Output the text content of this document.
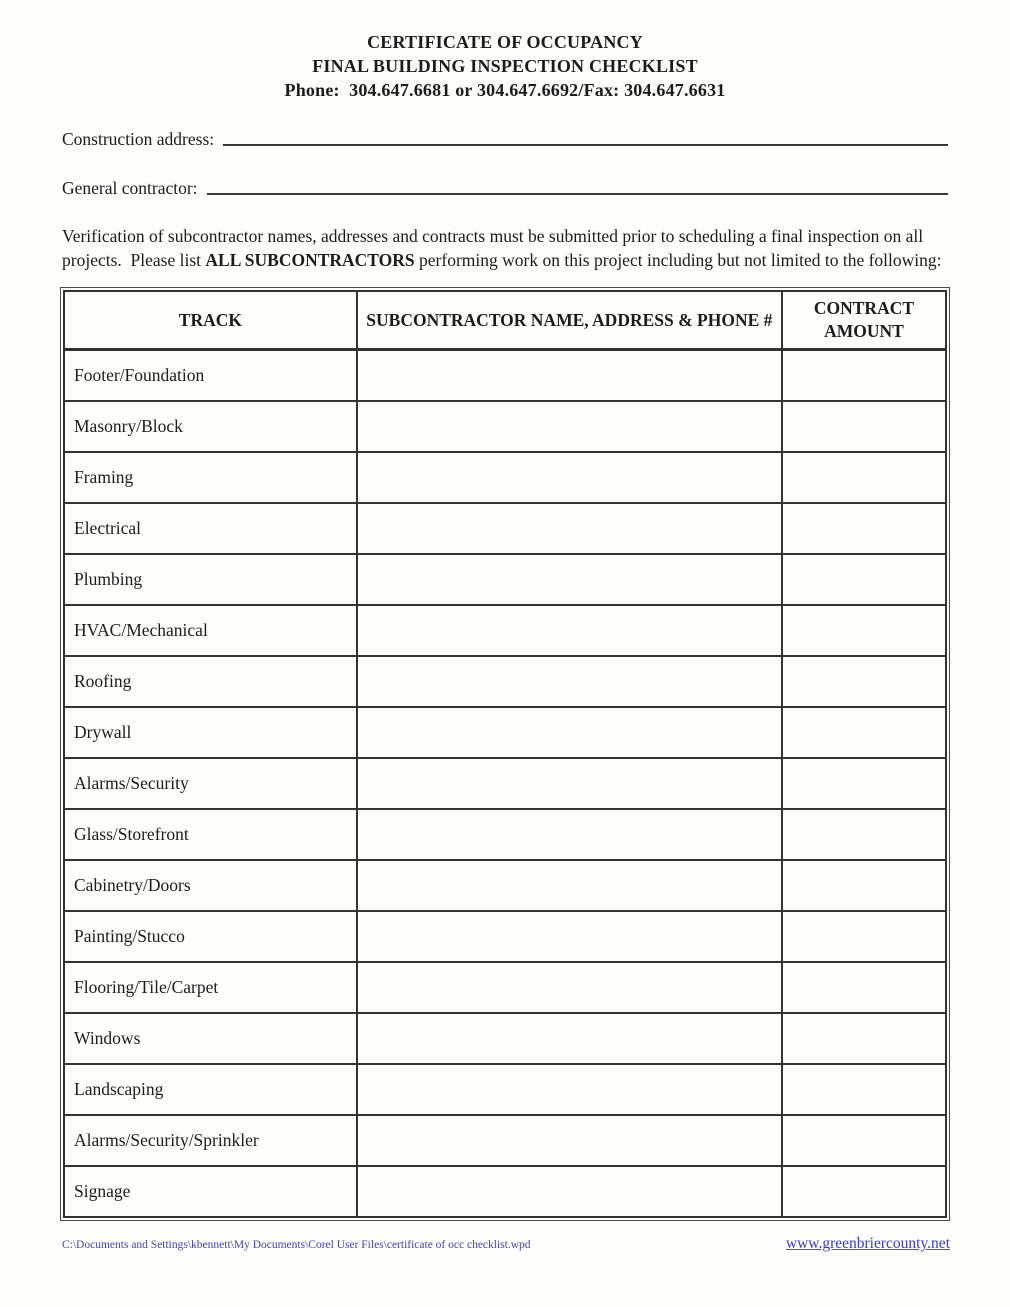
CERTIFICATE OF OCCUPANCY
FINAL BUILDING INSPECTION CHECKLIST
Phone:  304.647.6681 or 304.647.6692/Fax: 304.647.6631
Construction address:
General contractor:

Verification of subcontractor names, addresses and contracts must be submitted prior to scheduling a final inspection on all projects.  Please list ALL SUBCONTRACTORS performing work on this project including but not limited to the following:

TRACK	SUBCONTRACTOR NAME, ADDRESS & PHONE #	CONTRACT AMOUNT
Footer/Foundation		
Masonry/Block		
Framing		
Electrical		
Plumbing		
HVAC/Mechanical		
Roofing		
Drywall		
Alarms/Security		
Glass/Storefront		
Cabinetry/Doors		
Painting/Stucco		
Flooring/Tile/Carpet		
Windows		
Landscaping		
Alarms/Security/Sprinkler		
Signage		
C:\Documents and Settings\kbennett\My Documents\Corel User Files\certificate of occ checklist.wpd	www.greenbriercounty.net
